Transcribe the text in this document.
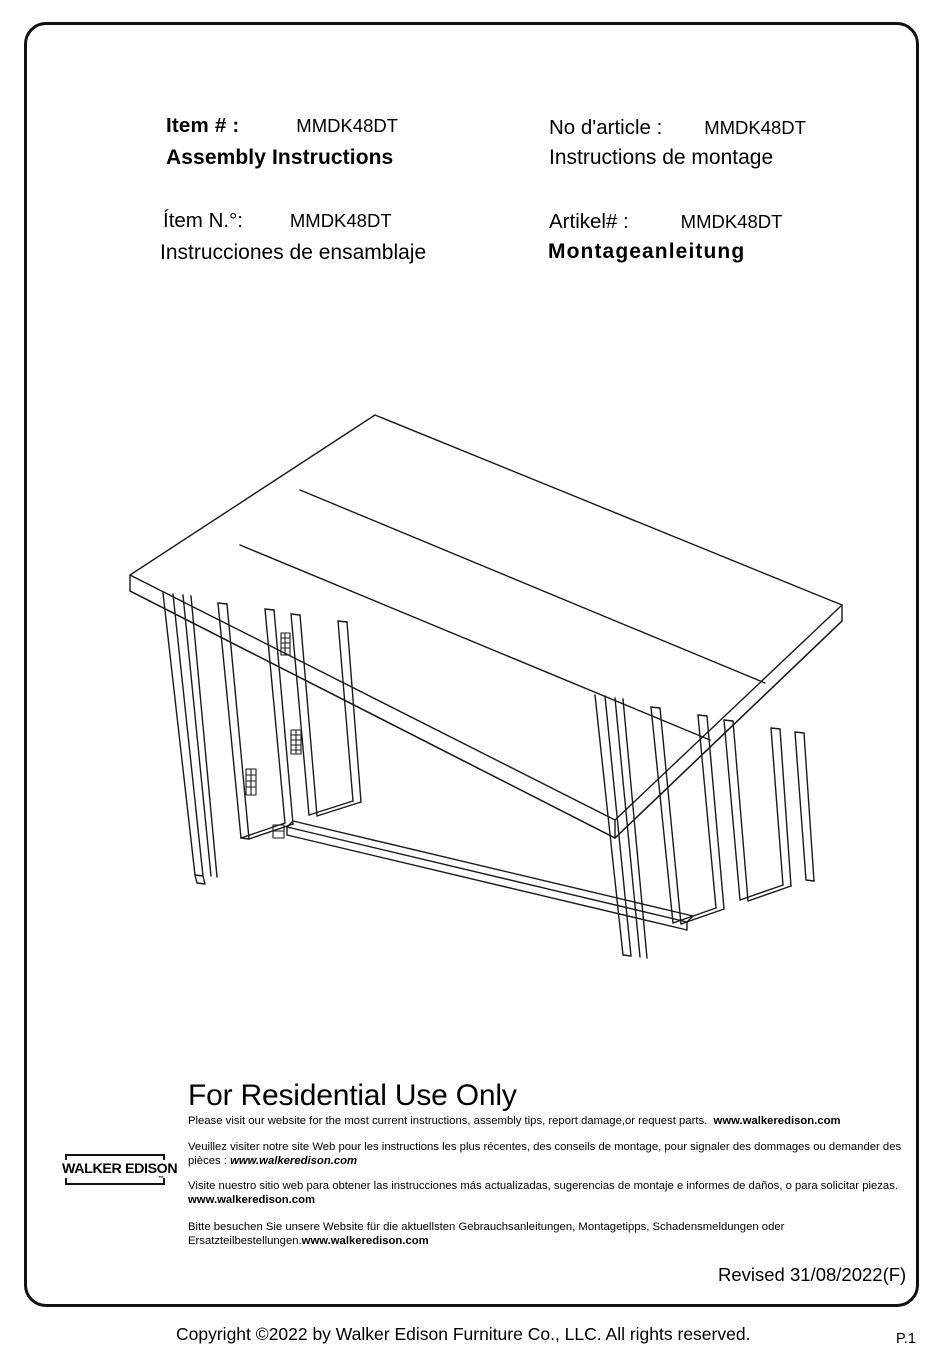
Item # :	MMDK48DT
Assembly Instructions
Ítem N.°:	MMDK48DT
Instrucciones de ensamblaje
No d'article : MMDK48DT
Instructions de montage
Artikel# :	MMDK48DT
Montageanleitung
For Residential Use Only
Please visit our website for the most current instructions, assembly tips, report damage,or request parts. www.walkeredison.com
Veuillez visiter notre site Web pour les instructions les plus récentes, des conseils de montage, pour signaler des dommages ou demander des pièces : www.walkeredison.com
Visite nuestro sitio web para obtener las instrucciones más actualizadas, sugerencias de montaje e informes de daños, o para solicitar piezas. www.walkeredison.com
Bitte besuchen Sie unsere Website für die aktuellsten Gebrauchsanleitungen, Montagetipps, Schadensmeldungen oder Ersatzteilbestellungen.www.walkeredison.com
WALKER EDISON
™
Revised 31/08/2022(F)
Copyright ©2022 by Walker Edison Furniture Co., LLC. All rights reserved.	P.1
